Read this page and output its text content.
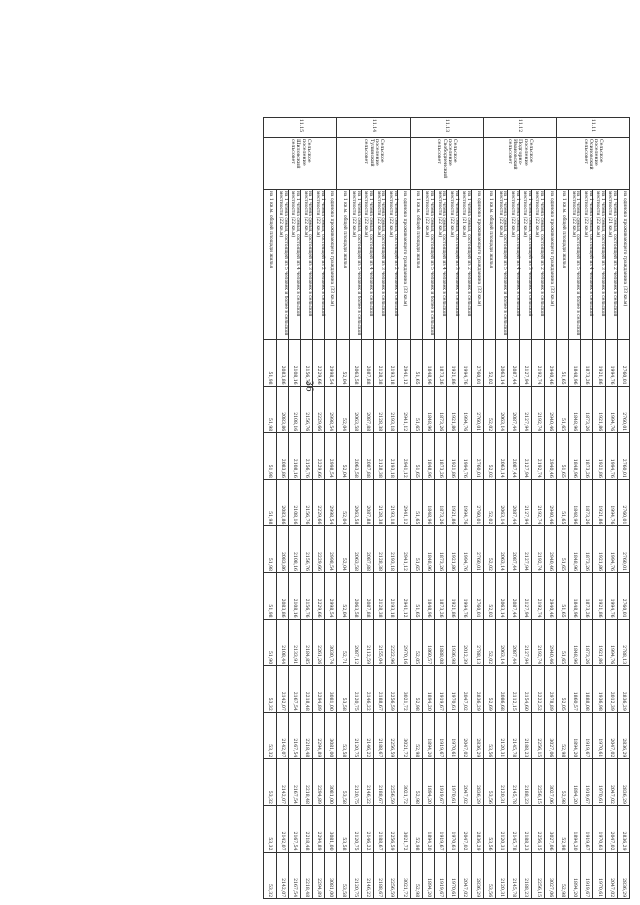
36
11.11	Сельское поселение Осиновский сельсовет	на одиноко проживающего гражданина (33 кв.м)	2760,01	2760,01	2760,01	2760,01	2760,01	2760,01	2788,13	2836,29	2836,29	2836,29	2836,29	2836,29
		на 1 члена семьи, состоящей из 2 человек в сельской местности (21 кв.м)	1994,76	1994,76	1994,76	1994,76	1994,76	1994,76	1994,76	2012,39	2047,02	2047,02	2047,02	2047,02
		на 1 члена семьи, состоящей из 3 человек в сельской местности (22 кв.м)	1921,86	1921,86	1921,86	1921,86	1921,86	1921,86	1921,86	1936,98	1970,61	1970,61	1970,61	1970,61
		на 1 члена семьи, состоящей из 4 человек в сельской местности (22 кв.м)	1873,26	1873,26	1873,26	1873,26	1873,26	1873,26	1873,26	1888,08	1919,67	1919,67	1919,67	1919,67
		на 1 члена семьи, состоящей из 5 человек и более в сельской местности (22 кв.м)	1848,96	1848,96	1848,96	1848,96	1848,96	1848,96	1848,96	1860,57	1894,20	1894,20	1894,20	1894,20
		на 1 кв.м. общей площади жилья	51,65	51,65	51,65	51,65	51,65	51,65	51,65	52,05	52,98	52,98	52,98	52,98
11.12	Сельское поселение Подгорно-Ивановский сельсовет	на одиноко проживающего гражданина (33 кв.м)	2940,46	2940,46	2940,46	2940,46	2940,46	2940,46	2940,46	2978,89	3027,06	3027,06	3027,06	3027,06
		на 1 члена семьи, состоящей из 2 человек в сельской местности (22 кв.м)	2192,74	2192,74	2192,74	2192,74	2192,74	2192,74	2192,74	2222,52	2256,15	2256,15	2256,15	2256,15
		на 1 члена семьи, состоящей из 3 человек в сельской местности (22 кв.м)	2127,94	2127,94	2127,94	2127,94	2127,94	2127,94	2127,94	2154,60	2188,23	2188,23	2188,23	2188,23
		на 1 члена семьи, состоящей из 4 человек в сельской местности (22 кв.м)	2087,44	2087,44	2087,44	2087,44	2087,44	2087,44	2087,44	2112,15	2145,78	2145,78	2145,78	2145,78
		на 1 члена семьи, состоящей из 5 человек и более в сельской местности (22 кв.м)	2063,14	2063,14	2063,14	2063,14	2063,14	2063,14	2063,14	2086,68	2120,31	2120,31	2120,31	2120,31
		на 1 кв.м. общей площади жилья	52,02	52,02	52,02	52,02	52,02	52,02	52,02	52,69	53,56	53,56	53,56	53,56
11.13	Сельское поселение Свободненский сельсовет	на одиноко проживающего гражданина (33 кв.м)	2760,01	2760,01	2760,01	2760,01	2760,01	2760,01	2788,13	2836,29	2836,29	2836,29	2836,29	2836,29
		на 1 члена семьи, состоящей из 2 человек в сельской местности (21 кв.м)	1994,76	1994,76	1994,76	1994,76	1994,76	1994,76	2012,39	2047,02	2047,02	2047,02	2047,02	2047,02
		на 1 члена семьи, состоящей из 3 человек в сельской местности (22 кв.м)	1921,86	1921,86	1921,86	1921,86	1921,86	1921,86	1936,98	1970,61	1970,61	1970,61	1970,61	1970,61
		на 1 члена семьи, состоящей из 4 человек в сельской местности (22 кв.м)	1873,26	1873,26	1873,26	1873,26	1873,26	1873,26	1888,08	1919,67	1919,67	1919,67	1919,67	1919,67
		на 1 члена семьи, состоящей из 5 человек и более в сельской местности (22 кв.м)	1848,96	1848,96	1848,96	1848,96	1848,96	1848,96	1860,57	1894,20	1894,20	1894,20	1894,20	1894,20
		на 1 кв.м. общей площади жилья	51,65	51,65	51,65	51,65	51,65	51,65	52,05	52,98	52,98	52,98	52,98	52,98
11.14	Сельское поселение Тулинский сельсовет	на одиноко проживающего гражданина (33 кв.м)	2941,12	2941,12	2941,12	2941,12	2941,12	2941,12	2970,16	3021,72	3021,72	3021,72	3021,72	3021,72
		на 1 члена семьи, состоящей из 2 человек в сельской местности (22 кв.м)	2193,18	2193,18	2193,18	2193,18	2193,18	2193,18	2222,96	2256,59	2256,59	2256,59	2256,59	2256,59
		на 1 члена семьи, состоящей из 3 человек в сельской местности (22 кв.м)	2128,38	2128,38	2128,38	2128,38	2128,38	2128,38	2155,04	2188,67	2188,67	2188,67	2188,67	2188,67
		на 1 члена семьи, состоящей из 4 человек в сельской местности (22 кв.м)	2087,88	2087,88	2087,88	2087,88	2087,88	2087,88	2112,59	2146,22	2146,22	2146,22	2146,22	2146,22
		на 1 члена семьи, состоящей из 5 человек и более в сельской местности (22 кв.м)	2063,58	2063,58	2063,58	2063,58	2063,58	2063,58	2087,12	2120,75	2120,75	2120,75	2120,75	2120,75
		на 1 кв.м. общей площади жилья	52,04	52,04	52,04	52,04	52,04	52,04	52,71	53,58	53,58	53,58	53,58	53,58
11.15	Сельское поселение Шиловский сельсовет	на одиноко проживающего гражданина (33 кв.м)	2998,54	2998,54	2998,54	2998,54	2998,54	2998,54	3030,74	3081,00	3081,00	3081,00	3081,00	3081,00
		на 1 члена семьи, состоящей из 2 человек в сельской местности (22 кв.м)	2229,66	2229,66	2229,66	2229,66	2229,66	2229,66	2261,26	2294,89	2294,89	2294,89	2294,89	2294,89
		на 1 члена семьи, состоящей из 3 человек в сельской местности (22 кв.м)	2156,76	2156,76	2156,76	2156,76	2156,76	2156,76	2184,85	2218,48	2218,48	2218,48	2218,48	2218,48
		на 1 члена семьи, состоящей из 4 человек в сельской местности (22 кв.м)	2108,16	2108,16	2108,16	2108,16	2108,16	2108,16	2133,91	2167,54	2167,54	2167,54	2167,54	2167,54
		на 1 члена семьи, состоящей из 5 человек и более в сельской местности (22 кв.м)	2083,86	2083,86	2083,86	2083,86	2083,86	2083,86	2108,44	2142,07	2142,07	2142,07	2142,07	2142,07
		на 1 кв.м. общей площади жилья	51,98	51,98	51,98	51,98	51,98	51,98	51,90	53,32	53,32	53,32	53,32	53,32
